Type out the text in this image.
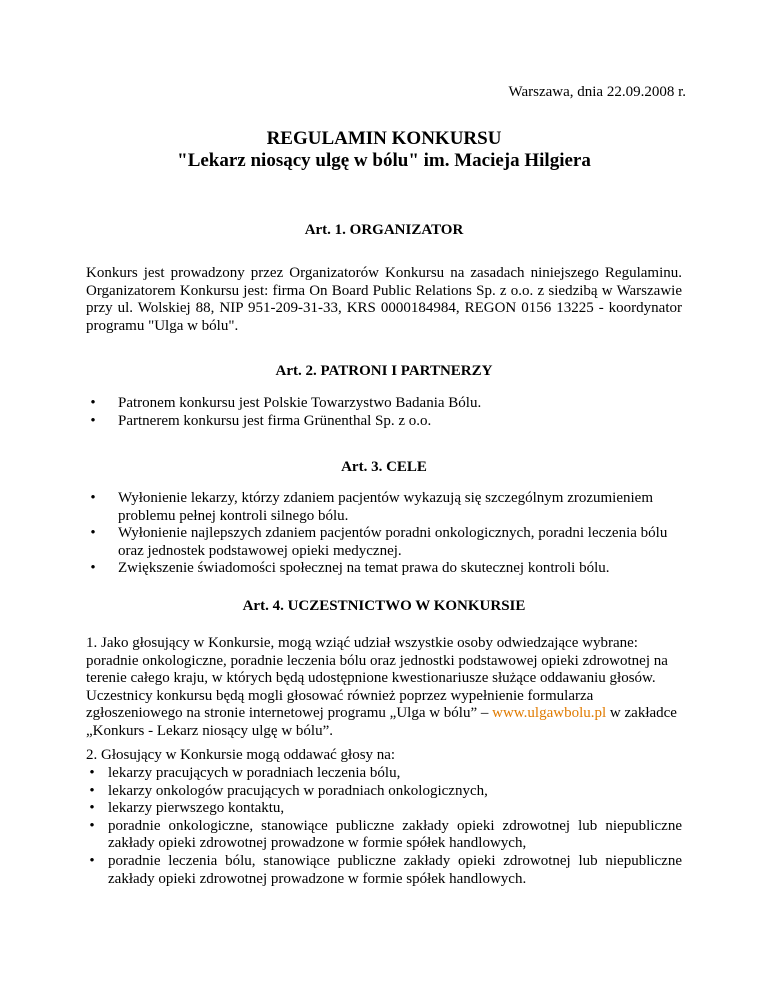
Warszawa, dnia 22.09.2008 r.
REGULAMIN KONKURSU
"Lekarz niosący ulgę w bólu" im. Macieja Hilgiera
Art. 1. ORGANIZATOR
Konkurs jest prowadzony przez Organizatorów Konkursu na zasadach niniejszego Regulaminu. Organizatorem Konkursu jest: firma On Board Public Relations Sp. z o.o. z siedzibą w Warszawie przy ul. Wolskiej 88, NIP 951-209-31-33, KRS 0000184984, REGON 0156 13225 - koordynator programu "Ulga w bólu".
Art. 2. PATRONI I PARTNERZY
• Patronem konkursu jest Polskie Towarzystwo Badania Bólu.
• Partnerem konkursu jest firma Grünenthal Sp. z o.o.
Art. 3. CELE
• Wyłonienie lekarzy, którzy zdaniem pacjentów wykazują się szczególnym zrozumieniem problemu pełnej kontroli silnego bólu.
• Wyłonienie najlepszych zdaniem pacjentów poradni onkologicznych, poradni leczenia bólu oraz jednostek podstawowej opieki medycznej.
• Zwiększenie świadomości społecznej na temat prawa do skutecznej kontroli bólu.
Art. 4. UCZESTNICTWO W KONKURSIE
1. Jako głosujący w Konkursie, mogą wziąć udział wszystkie osoby odwiedzające wybrane: poradnie onkologiczne, poradnie leczenia bólu oraz jednostki podstawowej opieki zdrowotnej na terenie całego kraju, w których będą udostępnione kwestionariusze służące oddawaniu głosów. Uczestnicy konkursu będą mogli głosować również poprzez wypełnienie formularza zgłoszeniowego na stronie internetowej programu „Ulga w bólu” – www.ulgawbolu.pl w zakładce „Konkurs - Lekarz niosący ulgę w bólu”.
2. Głosujący w Konkursie mogą oddawać głosy na:
• lekarzy pracujących w poradniach leczenia bólu,
• lekarzy onkologów pracujących w poradniach onkologicznych,
• lekarzy pierwszego kontaktu,
• poradnie onkologiczne, stanowiące publiczne zakłady opieki zdrowotnej lub niepubliczne zakłady opieki zdrowotnej prowadzone w formie spółek handlowych,
• poradnie leczenia bólu, stanowiące publiczne zakłady opieki zdrowotnej lub niepubliczne zakłady opieki zdrowotnej prowadzone w formie spółek handlowych.
